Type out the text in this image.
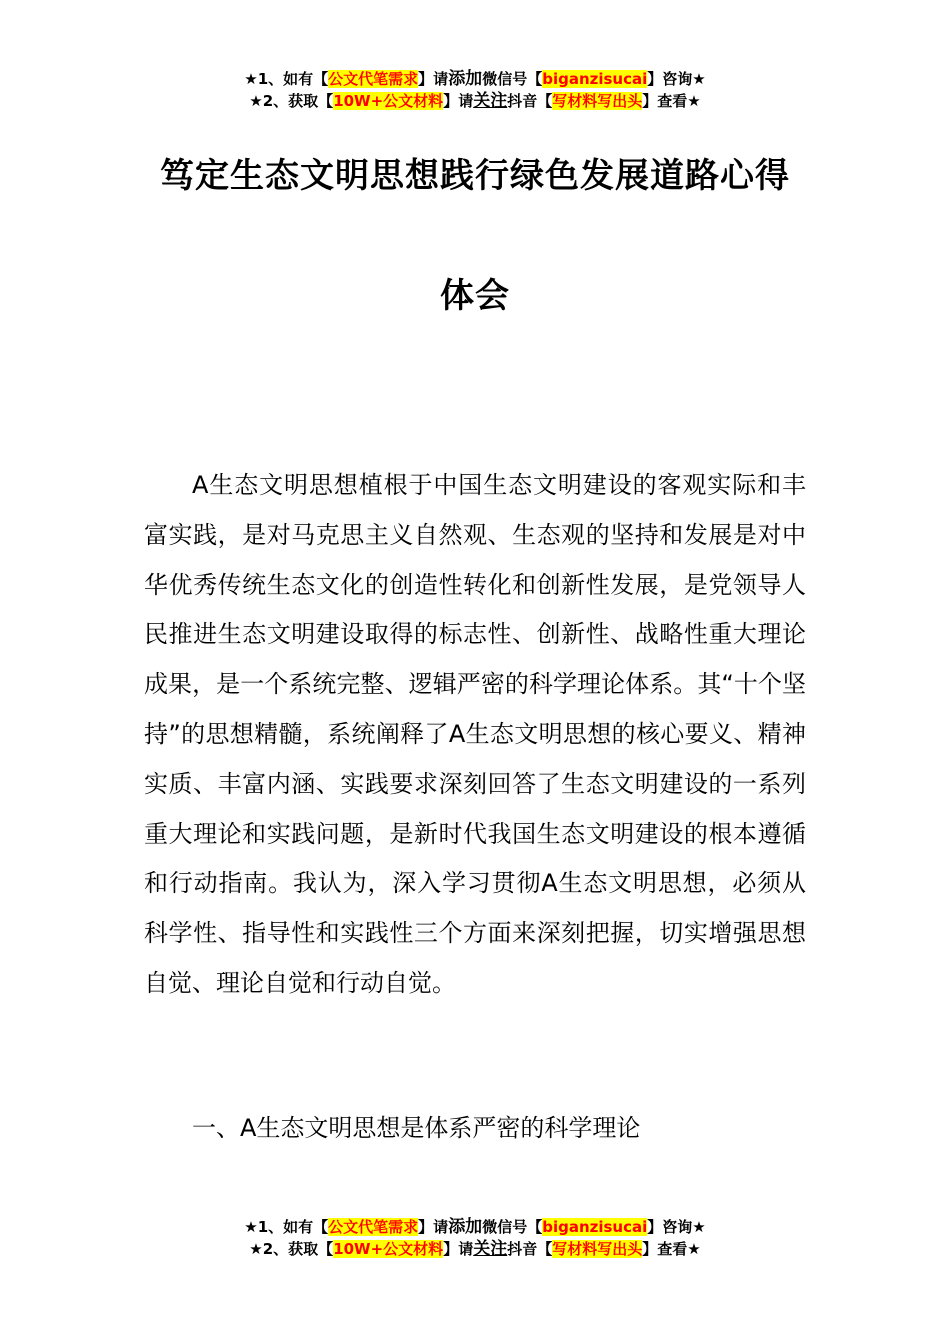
★1、如有【公文代笔需求】请添加微信号【biganzisucai】咨询★
★2、获取【10W+公文材料】请关注抖音【写材料写出头】查看★
笃定生态文明思想践行绿色发展道路心得
体会

A生态文明思想植根于中国生态文明建设的客观实际和丰富实践，是对马克思主义自然观、生态观的坚持和发展是对中华优秀传统生态文化的创造性转化和创新性发展，是党领导人民推进生态文明建设取得的标志性、创新性、战略性重大理论成果，是一个系统完整、逻辑严密的科学理论体系。其“十个坚持”的思想精髓，系统阐释了A生态文明思想的核心要义、精神实质、丰富内涵、实践要求深刻回答了生态文明建设的一系列重大理论和实践问题，是新时代我国生态文明建设的根本遵循和行动指南。我认为，深入学习贯彻A生态文明思想，必须从科学性、指导性和实践性三个方面来深刻把握，切实增强思想自觉、理论自觉和行动自觉。

一、A生态文明思想是体系严密的科学理论

★1、如有【公文代笔需求】请添加微信号【biganzisucai】咨询★
★2、获取【10W+公文材料】请关注抖音【写材料写出头】查看★
